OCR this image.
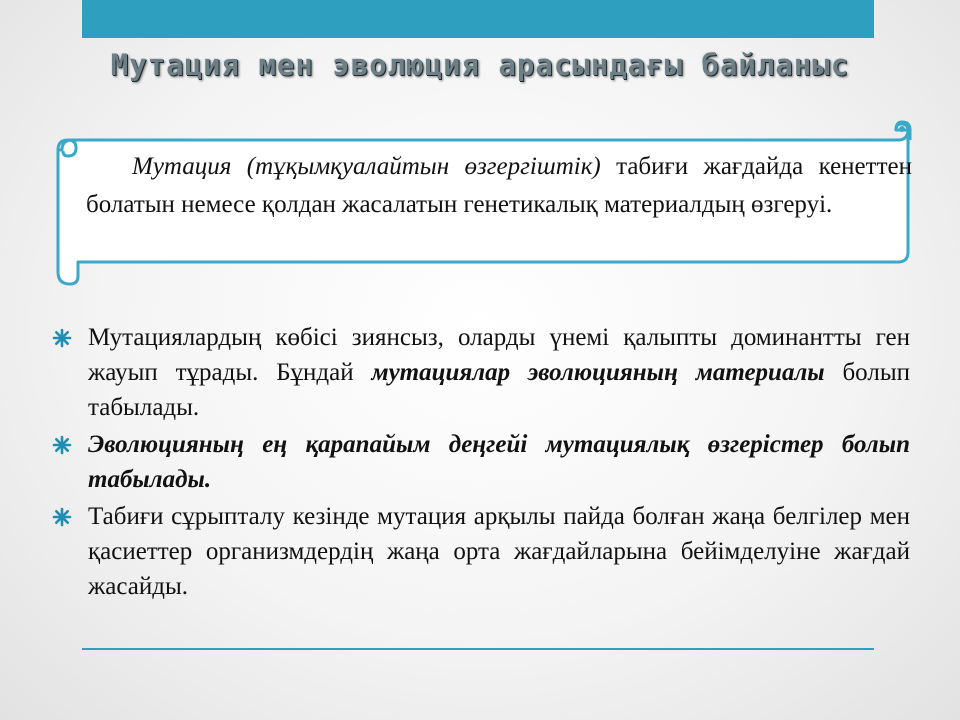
Мутация мен эволюция арасындағы байланыс
Мутация (тұқымқуалайтын өзгергіштік) табиғи жағдайда кенеттен болатын немесе қолдан жасалатын генетикалық материалдың өзгеруі.
Мутациялардың көбісі зиянсыз, оларды үнемі қалыпты доминантты ген жауып тұрады. Бұндай мутациялар эволюцияның материалы болып табылады.
Эволюцияның ең қарапайым деңгейі мутациялық өзгерістер болып табылады.
Табиғи сұрыпталу кезінде мутация арқылы пайда болған жаңа белгілер мен қасиеттер организмдердің жаңа орта жағдайларына бейімделуіне жағдай жасайды.
